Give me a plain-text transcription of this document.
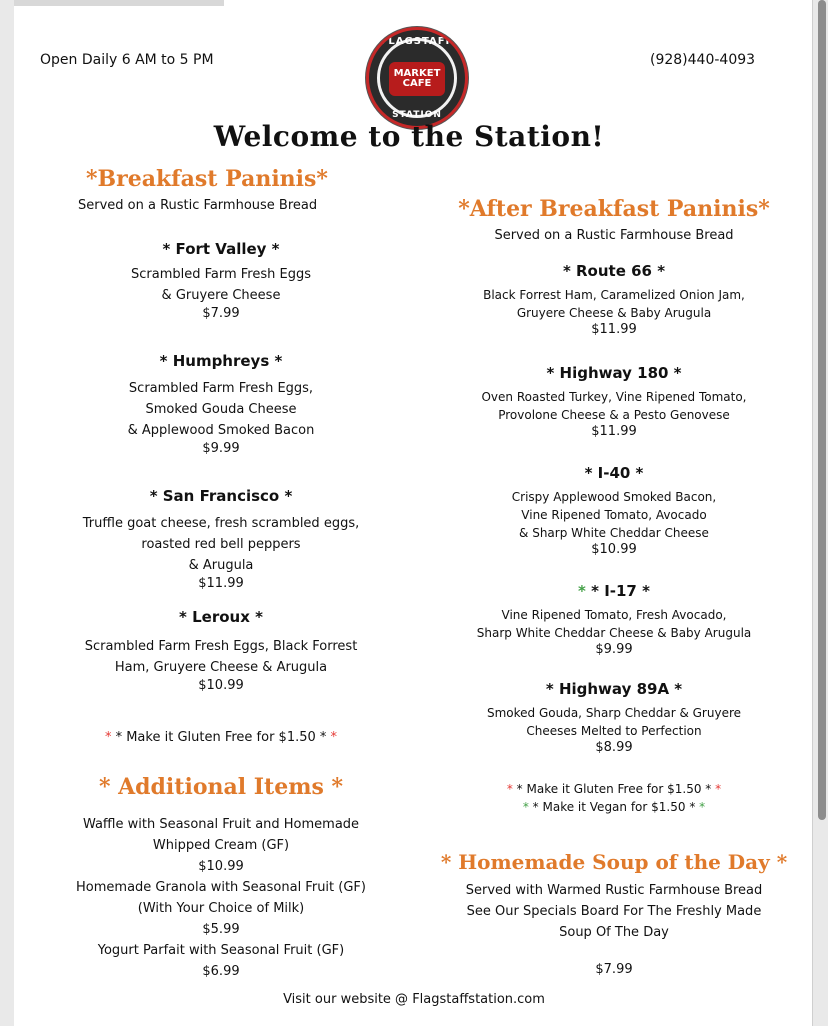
Open Daily 6 AM to 5 PM	(928)440-4093
FLAGSTAFF
MARKET
CAFE
STATION
Welcome to the Station!
*Breakfast Paninis*
Served on a Rustic Farmhouse Bread
* Fort Valley *
Scrambled Farm Fresh Eggs
& Gruyere Cheese
$7.99
* Humphreys *
Scrambled Farm Fresh Eggs,
Smoked Gouda Cheese
& Applewood Smoked Bacon
$9.99
* San Francisco *
Truffle goat cheese, fresh scrambled eggs,
roasted red bell peppers
& Arugula
$11.99
* Leroux *
Scrambled Farm Fresh Eggs, Black Forrest
Ham, Gruyere Cheese & Arugula
$10.99
* * Make it Gluten Free for $1.50 * *
* Additional Items *
Waffle with Seasonal Fruit and Homemade
Whipped Cream (GF)
$10.99
Homemade Granola with Seasonal Fruit (GF)
(With Your Choice of Milk)
$5.99
Yogurt Parfait with Seasonal Fruit (GF)
$6.99
*After Breakfast Paninis*
Served on a Rustic Farmhouse Bread
* Route 66 *
Black Forrest Ham, Caramelized Onion Jam,
Gruyere Cheese & Baby Arugula
$11.99
* Highway 180 *
Oven Roasted Turkey, Vine Ripened Tomato,
Provolone Cheese & a Pesto Genovese
$11.99
* I-40 *
Crispy Applewood Smoked Bacon,
Vine Ripened Tomato, Avocado
& Sharp White Cheddar Cheese
$10.99
* * I-17 *
Vine Ripened Tomato, Fresh Avocado,
Sharp White Cheddar Cheese & Baby Arugula
$9.99
* Highway 89A *
Smoked Gouda, Sharp Cheddar & Gruyere
Cheeses Melted to Perfection
$8.99
* * Make it Gluten Free for $1.50 * *
* * Make it Vegan for $1.50 * *
* Homemade Soup of the Day *
Served with Warmed Rustic Farmhouse Bread
See Our Specials Board For The Freshly Made
Soup Of The Day
$7.99
Visit our website @ Flagstaffstation.com
